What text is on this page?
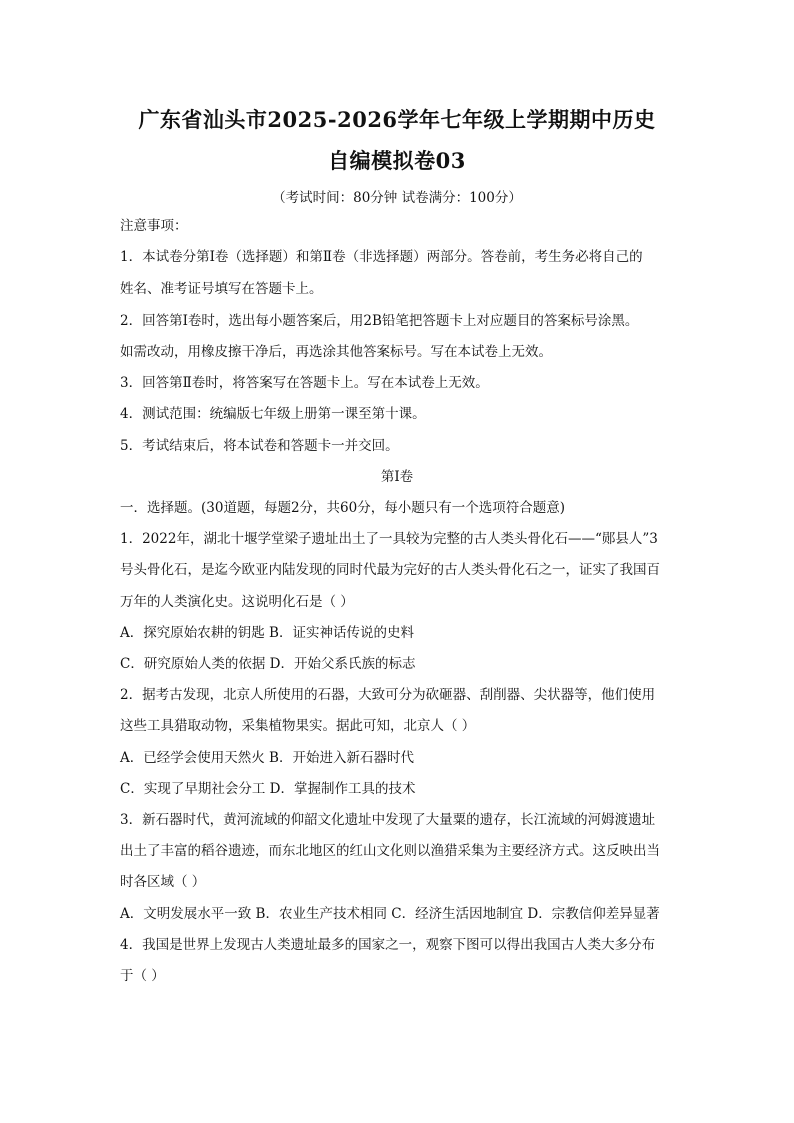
广东省汕头市2025-2026学年七年级上学期期中历史
自编模拟卷03
（考试时间：80分钟 试卷满分：100分）
注意事项：
1．本试卷分第Ⅰ卷（选择题）和第Ⅱ卷（非选择题）两部分。答卷前，考生务必将自己的
姓名、准考证号填写在答题卡上。
2．回答第Ⅰ卷时，选出每小题答案后，用2B铅笔把答题卡上对应题目的答案标号涂黑。
如需改动，用橡皮擦干净后，再选涂其他答案标号。写在本试卷上无效。
3．回答第Ⅱ卷时，将答案写在答题卡上。写在本试卷上无效。
4．测试范围：统编版七年级上册第一课至第十课。
5．考试结束后，将本试卷和答题卡一并交回。
第Ⅰ卷
一．选择题。(30道题，每题2分，共60分，每小题只有一个选项符合题意)
1．2022年，湖北十堰学堂梁子遗址出土了一具较为完整的古人类头骨化石——“郧县人”3
号头骨化石，是迄今欧亚内陆发现的同时代最为完好的古人类头骨化石之一，证实了我国百
万年的人类演化史。这说明化石是（ ）
A．探究原始农耕的钥匙 B．证实神话传说的史料
C．研究原始人类的依据 D．开始父系氏族的标志
2．据考古发现，北京人所使用的石器，大致可分为砍砸器、刮削器、尖状器等，他们使用
这些工具猎取动物，采集植物果实。据此可知，北京人（ ）
A．已经学会使用天然火 B．开始进入新石器时代
C．实现了早期社会分工 D．掌握制作工具的技术
3．新石器时代，黄河流域的仰韶文化遗址中发现了大量粟的遗存，长江流域的河姆渡遗址
出土了丰富的稻谷遗迹，而东北地区的红山文化则以渔猎采集为主要经济方式。这反映出当
时各区域（ ）
A．文明发展水平一致 B．农业生产技术相同 C．经济生活因地制宜 D．宗教信仰差异显著
4．我国是世界上发现古人类遗址最多的国家之一，观察下图可以得出我国古人类大多分布
于（ ）
